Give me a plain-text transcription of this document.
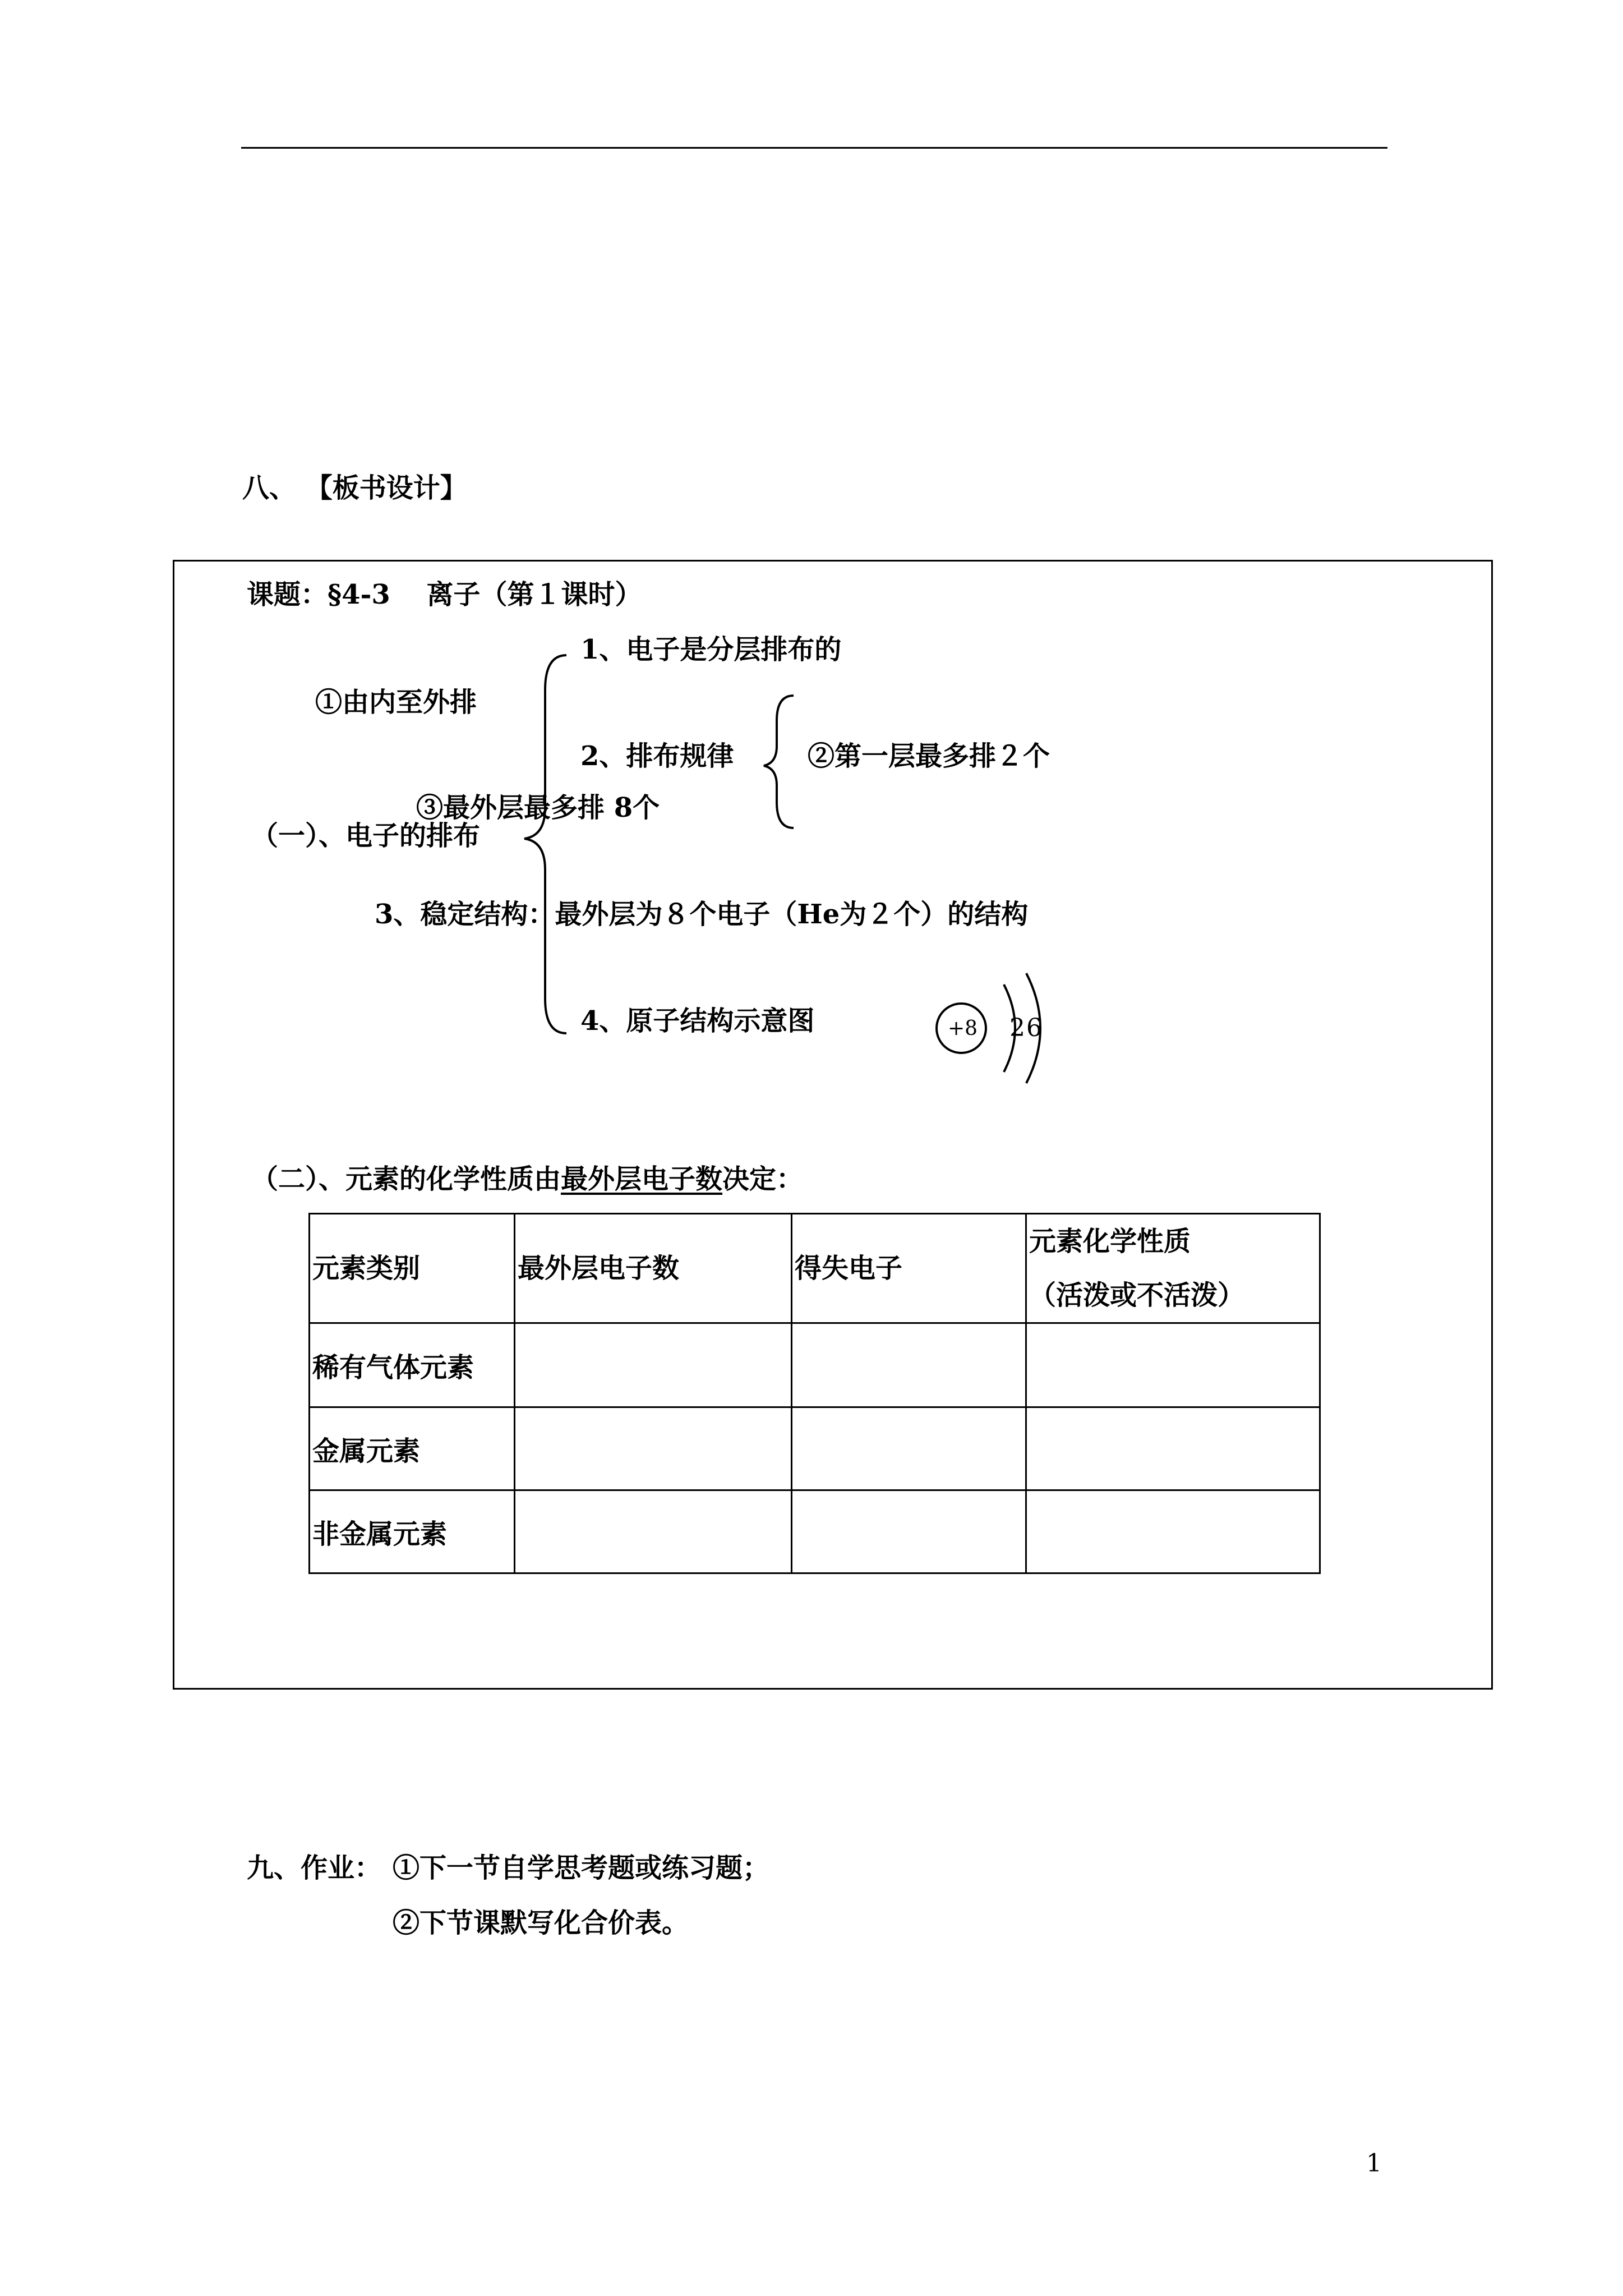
八、 【板书设计】
课题：§4-3　 离子（第１课时）
1、电子是分层排布的
①由内至外排
2、排布规律	②第一层最多排２个
③最外层最多排 8个
（一）、电子的排布
3、稳定结构：最外层为８个电子（He为２个）的结构
4、原子结构示意图	+8 2 6
（二）、元素的化学性质由最外层电子数决定：
元素类别	最外层电子数	得失电子	元素化学性质
（活泼或不活泼）

稀有气体元素			
金属元素			
非金属元素			
九、作业： ①下一节自学思考题或练习题；
②下节课默写化合价表。
1
